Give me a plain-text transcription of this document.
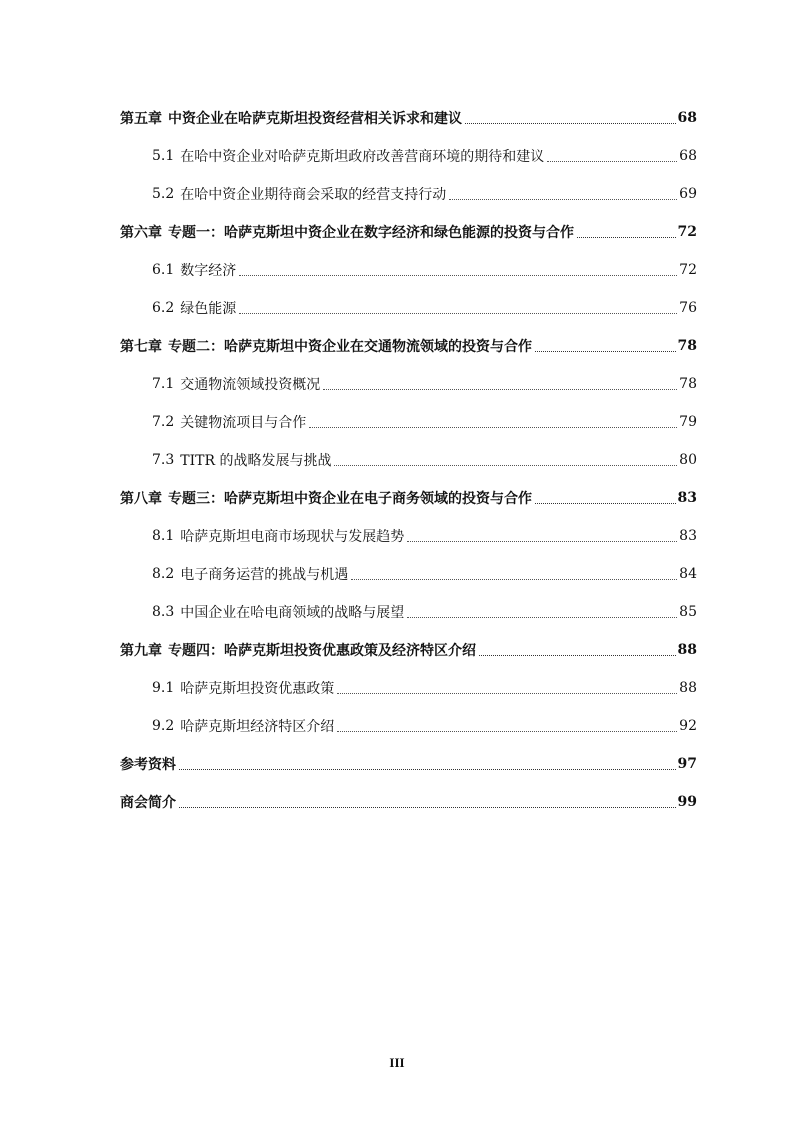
第五章 中资企业在哈萨克斯坦投资经营相关诉求和建议	68
5.1 在哈中资企业对哈萨克斯坦政府改善营商环境的期待和建议	68
5.2 在哈中资企业期待商会采取的经营支持行动	69
第六章 专题一：哈萨克斯坦中资企业在数字经济和绿色能源的投资与合作	72
6.1 数字经济	72
6.2 绿色能源	76
第七章 专题二：哈萨克斯坦中资企业在交通物流领域的投资与合作	78
7.1 交通物流领域投资概况	78
7.2 关键物流项目与合作	79
7.3 TITR 的战略发展与挑战	80
第八章 专题三：哈萨克斯坦中资企业在电子商务领域的投资与合作	83
8.1 哈萨克斯坦电商市场现状与发展趋势	83
8.2 电子商务运营的挑战与机遇	84
8.3 中国企业在哈电商领域的战略与展望	85
第九章 专题四：哈萨克斯坦投资优惠政策及经济特区介绍	88
9.1 哈萨克斯坦投资优惠政策	88
9.2 哈萨克斯坦经济特区介绍	92
参考资料	97
商会简介	99
III
